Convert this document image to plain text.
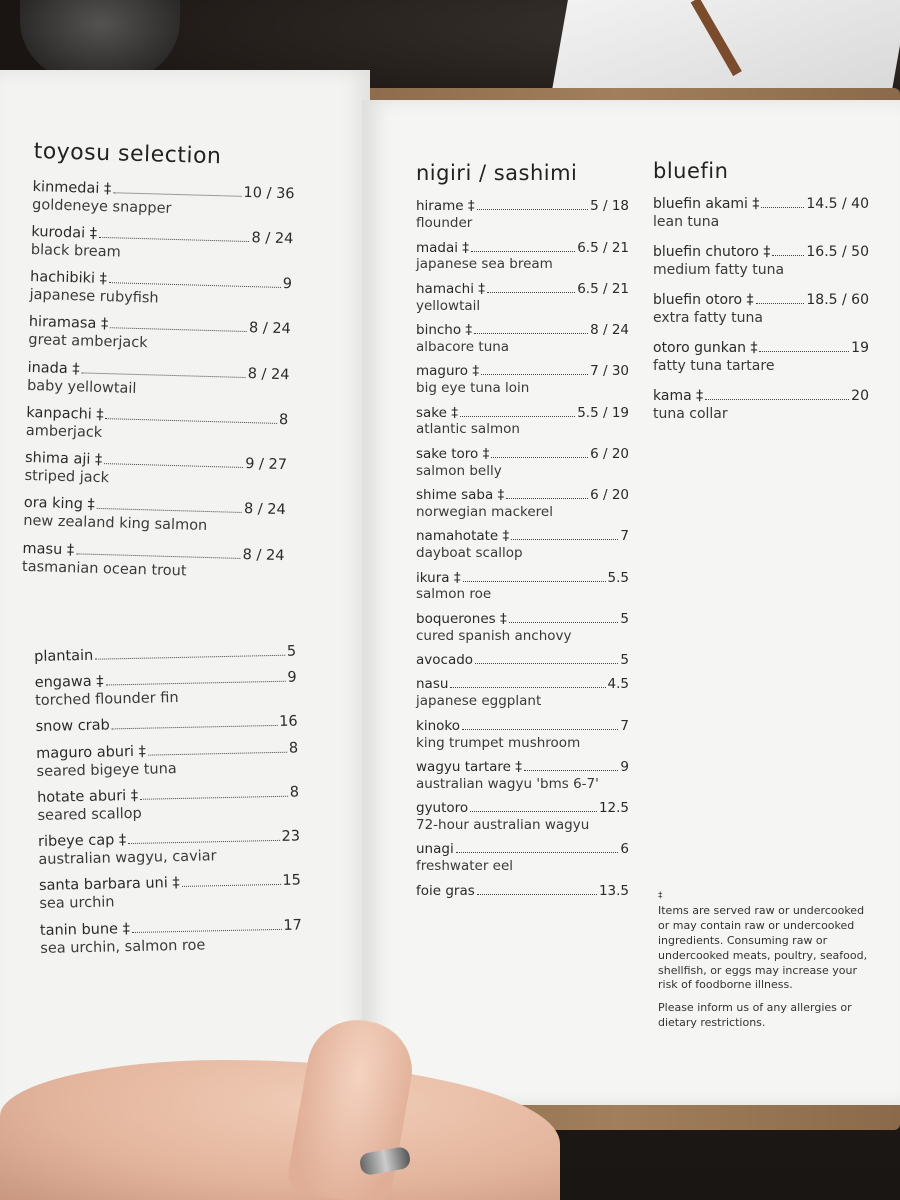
toyosu selection
kinmedai ‡	10 / 36
goldeneye snapper
kurodai ‡	8 / 24
black bream
hachibiki ‡	9
japanese rubyfish
hiramasa ‡	8 / 24
great amberjack
inada ‡	8 / 24
baby yellowtail
kanpachi ‡	8
amberjack
shima aji ‡	9 / 27
striped jack
ora king ‡	8 / 24
new zealand king salmon
masu ‡	8 / 24
tasmanian ocean trout
plantain	5
engawa ‡	9
torched flounder fin
snow crab	16
maguro aburi ‡	8
seared bigeye tuna
hotate aburi ‡	8
seared scallop
ribeye cap ‡	23
australian wagyu, caviar
santa barbara uni ‡	15
sea urchin
tanin bune ‡	17
sea urchin, salmon roe
nigiri / sashimi
hirame ‡	5 / 18
flounder
madai ‡	6.5 / 21
japanese sea bream
hamachi ‡	6.5 / 21
yellowtail
bincho ‡	8 / 24
albacore tuna
maguro ‡	7 / 30
big eye tuna loin
sake ‡	5.5 / 19
atlantic salmon
sake toro ‡	6 / 20
salmon belly
shime saba ‡	6 / 20
norwegian mackerel
namahotate ‡	7
dayboat scallop
ikura ‡	5.5
salmon roe
boquerones ‡	5
cured spanish anchovy
avocado	5
nasu	4.5
japanese eggplant
kinoko	7
king trumpet mushroom
wagyu tartare ‡	9
australian wagyu 'bms 6-7'
gyutoro	12.5
72-hour australian wagyu
unagi	6
freshwater eel
foie gras	13.5
bluefin
bluefin akami ‡	14.5 / 40
lean tuna
bluefin chutoro ‡	16.5 / 50
medium fatty tuna
bluefin otoro ‡	18.5 / 60
extra fatty tuna
otoro gunkan ‡	19
fatty tuna tartare
kama ‡	20
tuna collar

‡

Items are served raw or undercooked or may contain raw or undercooked ingredients. Consuming raw or undercooked meats, poultry, seafood, shellfish, or eggs may increase your risk of foodborne illness.

Please inform us of any allergies or dietary restrictions.
